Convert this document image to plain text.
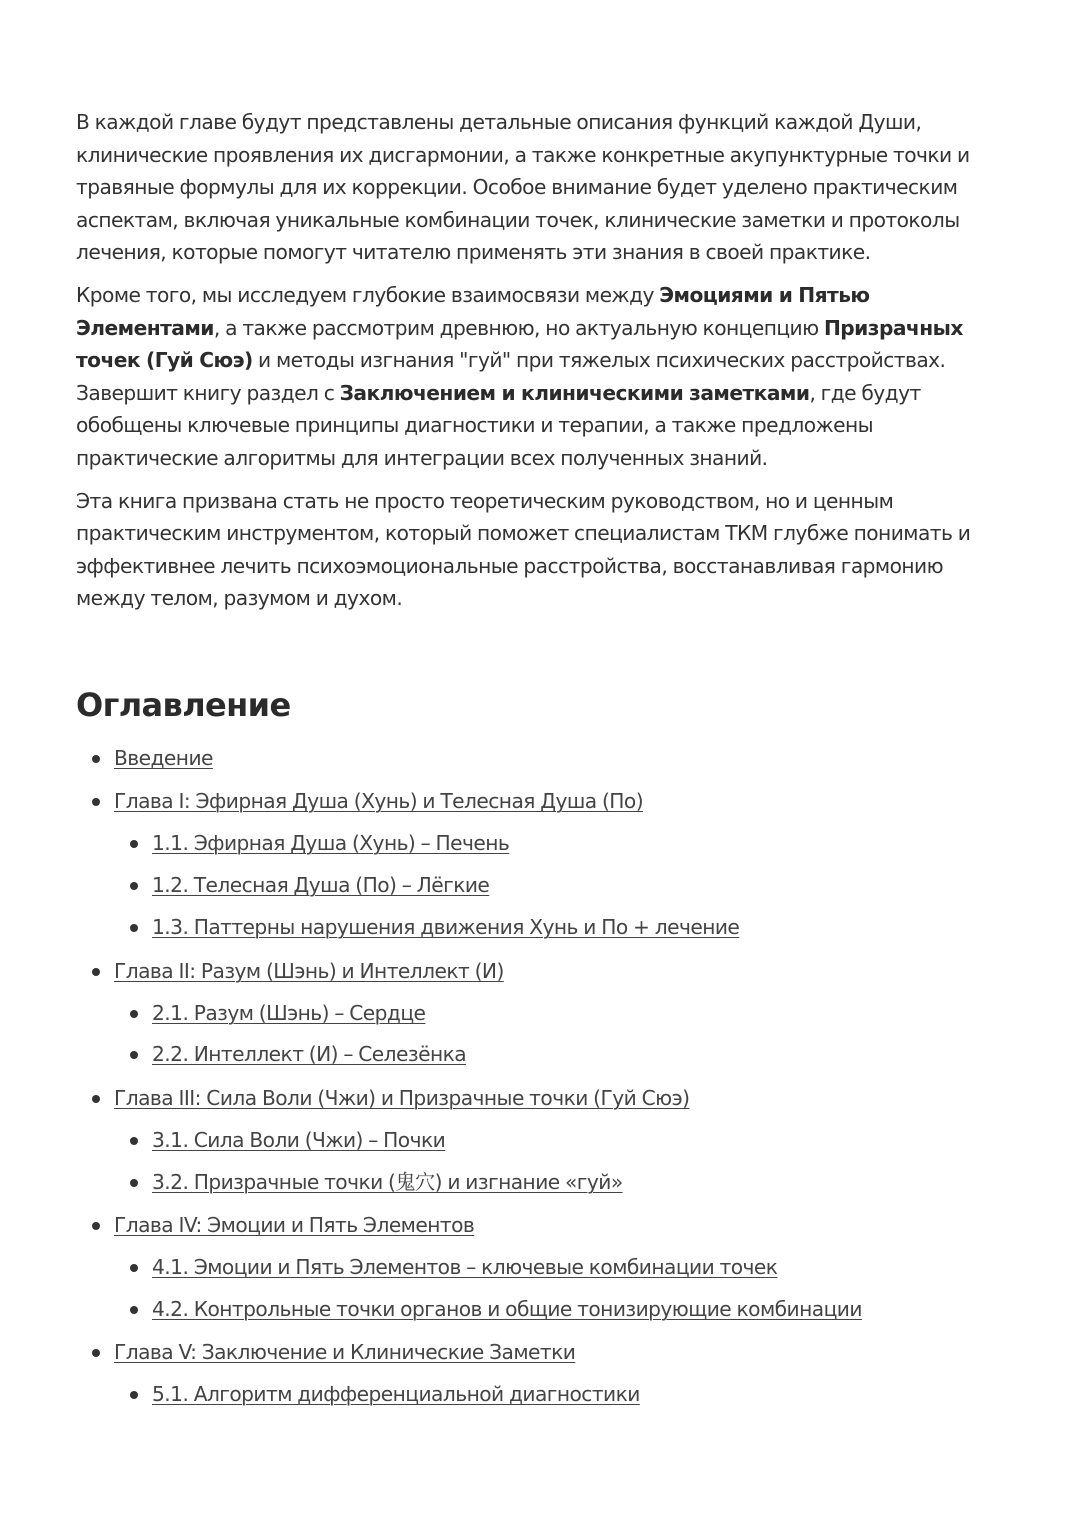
В каждой главе будут представлены детальные описания функций каждой Души, клинические проявления их дисгармонии, а также конкретные акупунктурные точки и травяные формулы для их коррекции. Особое внимание будет уделено практическим аспектам, включая уникальные комбинации точек, клинические заметки и протоколы лечения, которые помогут читателю применять эти знания в своей практике.

Кроме того, мы исследуем глубокие взаимосвязи между Эмоциями и Пятью Элементами, а также рассмотрим древнюю, но актуальную концепцию Призрачных точек (Гуй Сюэ) и методы изгнания "гуй" при тяжелых психических расстройствах. Завершит книгу раздел с Заключением и клиническими заметками, где будут обобщены ключевые принципы диагностики и терапии, а также предложены практические алгоритмы для интеграции всех полученных знаний.

Эта книга призвана стать не просто теоретическим руководством, но и ценным практическим инструментом, который поможет специалистам ТКМ глубже понимать и эффективнее лечить психоэмоциональные расстройства, восстанавливая гармонию между телом, разумом и духом.

Оглавление
Введение
Глава I: Эфирная Душа (Хунь) и Телесная Душа (По)
1.1. Эфирная Душа (Хунь) – Печень
1.2. Телесная Душа (По) – Лёгкие
1.3. Паттерны нарушения движения Хунь и По + лечение
Глава II: Разум (Шэнь) и Интеллект (И)
2.1. Разум (Шэнь) – Сердце
2.2. Интеллект (И) – Селезёнка
Глава III: Сила Воли (Чжи) и Призрачные точки (Гуй Сюэ)
3.1. Сила Воли (Чжи) – Почки
3.2. Призрачные точки (鬼穴) и изгнание «гуй»
Глава IV: Эмоции и Пять Элементов
4.1. Эмоции и Пять Элементов – ключевые комбинации точек
4.2. Контрольные точки органов и общие тонизирующие комбинации
Глава V: Заключение и Клинические Заметки
5.1. Алгоритм дифференциальной диагностики
